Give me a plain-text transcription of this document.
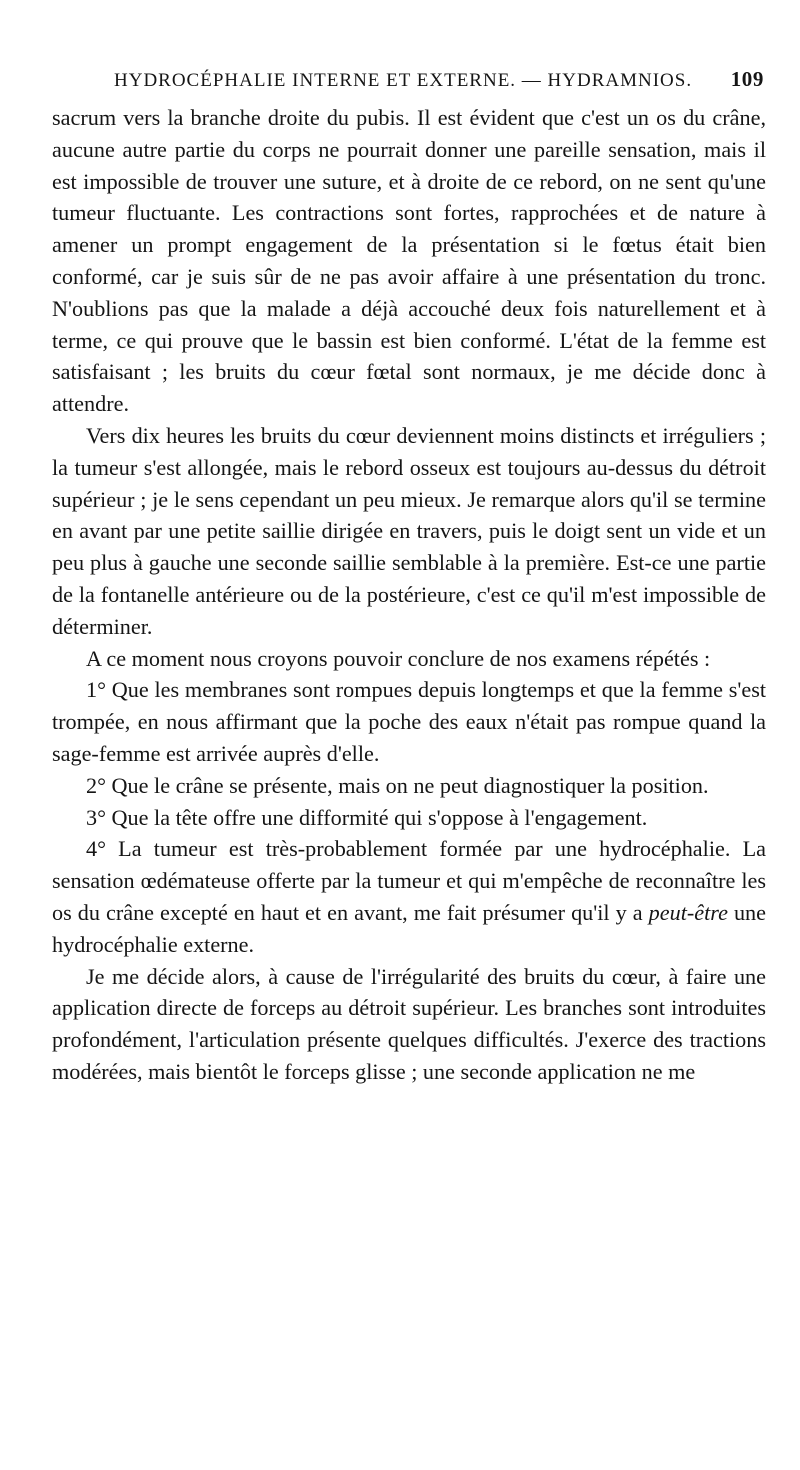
HYDROCÉPHALIE INTERNE ET EXTERNE. — HYDRAMNIOS. 109

sacrum vers la branche droite du pubis. Il est évident que c'est un os du crâne, aucune autre partie du corps ne pourrait donner une pareille sensation, mais il est impossible de trouver une suture, et à droite de ce rebord, on ne sent qu'une tumeur fluctuante. Les contractions sont fortes, rapprochées et de nature à amener un prompt engagement de la présentation si le fœtus était bien conformé, car je suis sûr de ne pas avoir affaire à une présentation du tronc. N'oublions pas que la malade a déjà accouché deux fois naturellement et à terme, ce qui prouve que le bassin est bien conformé. L'état de la femme est satisfaisant ; les bruits du cœur fœtal sont normaux, je me décide donc à attendre.

Vers dix heures les bruits du cœur deviennent moins distincts et irréguliers ; la tumeur s'est allongée, mais le rebord osseux est toujours au-dessus du détroit supérieur ; je le sens cependant un peu mieux. Je remarque alors qu'il se termine en avant par une petite saillie dirigée en travers, puis le doigt sent un vide et un peu plus à gauche une seconde saillie semblable à la première. Est-ce une partie de la fontanelle antérieure ou de la postérieure, c'est ce qu'il m'est impossible de déterminer.

A ce moment nous croyons pouvoir conclure de nos examens répétés :

1° Que les membranes sont rompues depuis longtemps et que la femme s'est trompée, en nous affirmant que la poche des eaux n'était pas rompue quand la sage-femme est arrivée auprès d'elle.

2° Que le crâne se présente, mais on ne peut diagnostiquer la position.

3° Que la tête offre une difformité qui s'oppose à l'engagement.

4° La tumeur est très-probablement formée par une hydrocéphalie. La sensation œdémateuse offerte par la tumeur et qui m'empêche de reconnaître les os du crâne excepté en haut et en avant, me fait présumer qu'il y a peut-être une hydrocéphalie externe.

Je me décide alors, à cause de l'irrégularité des bruits du cœur, à faire une application directe de forceps au détroit supérieur. Les branches sont introduites profondément, l'articulation présente quelques difficultés. J'exerce des tractions modérées, mais bientôt le forceps glisse ; une seconde application ne me
